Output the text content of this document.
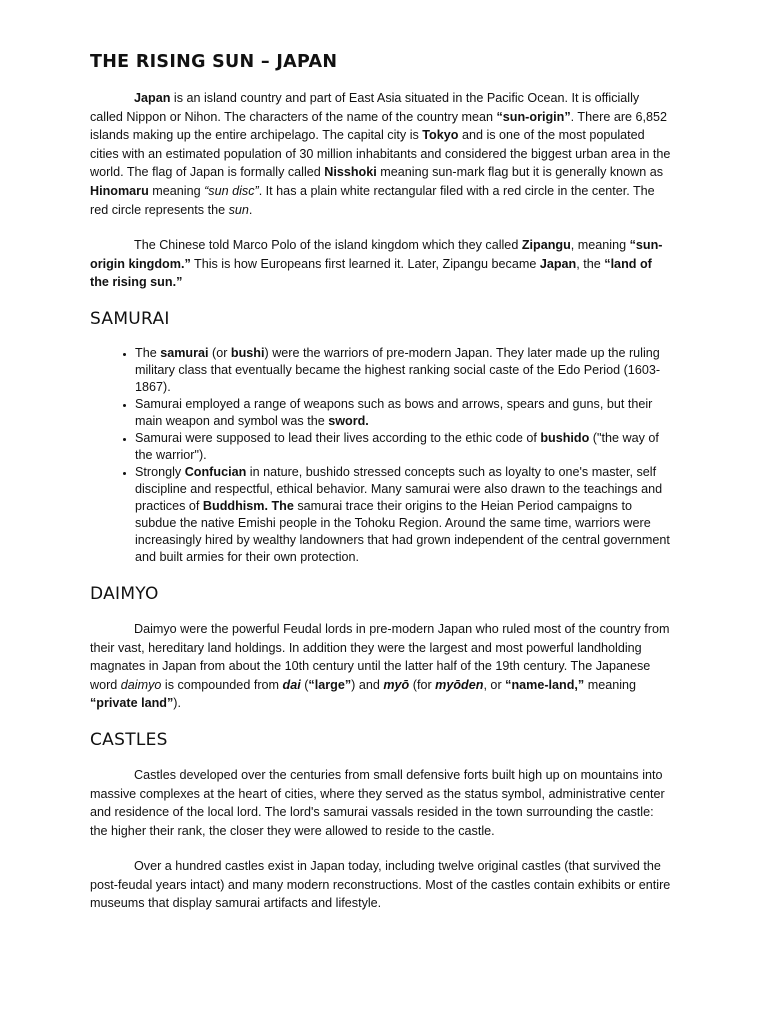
THE RISING SUN – JAPAN

Japan is an island country and part of East Asia situated in the Pacific Ocean. It is officially called Nippon or Nihon. The characters of the name of the country mean “sun-origin”. There are 6,852 islands making up the entire archipelago. The capital city is Tokyo and is one of the most populated cities with an estimated population of 30 million inhabitants and considered the biggest urban area in the world. The flag of Japan is formally called Nisshoki meaning sun-mark flag but it is generally known as Hinomaru meaning “sun disc”. It has a plain white rectangular filed with a red circle in the center. The red circle represents the sun.

The Chinese told Marco Polo of the island kingdom which they called Zipangu, meaning “sun-origin kingdom.” This is how Europeans first learned it. Later, Zipangu became Japan, the “land of the rising sun.”

SAMURAI
• The samurai (or bushi) were the warriors of pre-modern Japan. They later made up the ruling military class that eventually became the highest ranking social caste of the Edo Period (1603-1867).
• Samurai employed a range of weapons such as bows and arrows, spears and guns, but their main weapon and symbol was the sword.
• Samurai were supposed to lead their lives according to the ethic code of bushido ("the way of the warrior").
• Strongly Confucian in nature, bushido stressed concepts such as loyalty to one's master, self discipline and respectful, ethical behavior. Many samurai were also drawn to the teachings and practices of Buddhism. The samurai trace their origins to the Heian Period campaigns to subdue the native Emishi people in the Tohoku Region. Around the same time, warriors were increasingly hired by wealthy landowners that had grown independent of the central government and built armies for their own protection.
DAIMYO

Daimyo were the powerful Feudal lords in pre-modern Japan who ruled most of the country from their vast, hereditary land holdings. In addition they were the largest and most powerful landholding magnates in Japan from about the 10th century until the latter half of the 19th century. The Japanese word daimyo is compounded from dai (“large”) and myō (for myōden, or “name-land,” meaning “private land”).

CASTLES

Castles developed over the centuries from small defensive forts built high up on mountains into massive complexes at the heart of cities, where they served as the status symbol, administrative center and residence of the local lord. The lord's samurai vassals resided in the town surrounding the castle: the higher their rank, the closer they were allowed to reside to the castle.

Over a hundred castles exist in Japan today, including twelve original castles (that survived the post-feudal years intact) and many modern reconstructions. Most of the castles contain exhibits or entire museums that display samurai artifacts and lifestyle.
